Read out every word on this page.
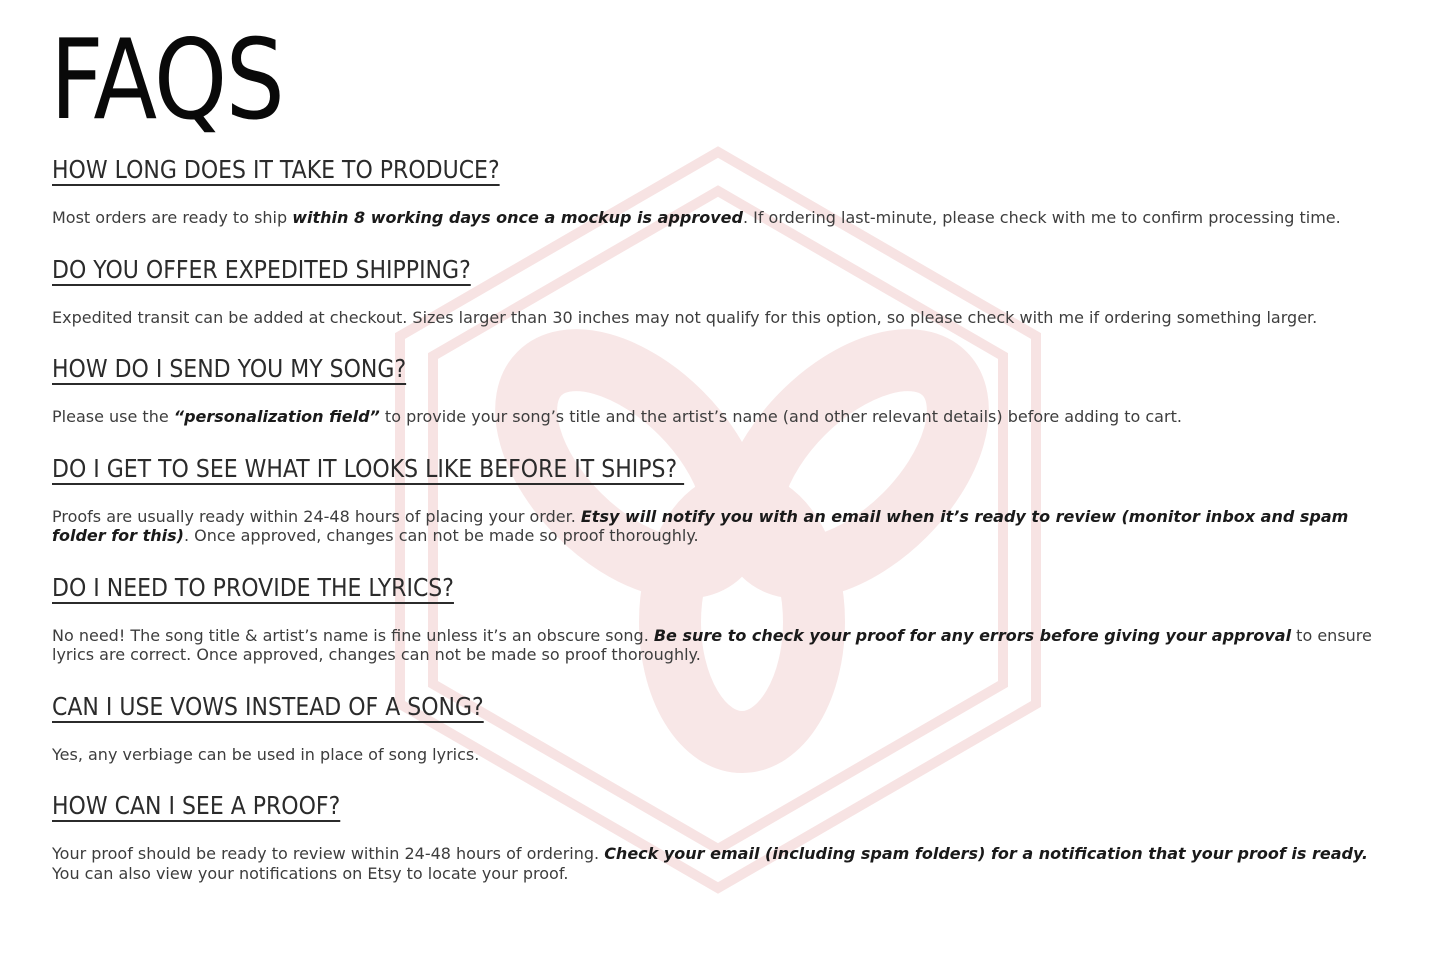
FAQS
HOW LONG DOES IT TAKE TO PRODUCE?

Most orders are ready to ship within 8 working days once a mockup is approved. If ordering last-minute, please check with me to confirm processing time.

DO YOU OFFER EXPEDITED SHIPPING?

Expedited transit can be added at checkout. Sizes larger than 30 inches may not qualify for this option, so please check with me if ordering something larger.

HOW DO I SEND YOU MY SONG?

Please use the “personalization field” to provide your song’s title and the artist’s name (and other relevant details) before adding to cart.

DO I GET TO SEE WHAT IT LOOKS LIKE BEFORE IT SHIPS?

Proofs are usually ready within 24-48 hours of placing your order. Etsy will notify you with an email when it’s ready to review (monitor inbox and spam folder for this). Once approved, changes can not be made so proof thoroughly.

DO I NEED TO PROVIDE THE LYRICS?

No need! The song title & artist’s name is fine unless it’s an obscure song. Be sure to check your proof for any errors before giving your approval to ensure lyrics are correct. Once approved, changes can not be made so proof thoroughly.

CAN I USE VOWS INSTEAD OF A SONG?

Yes, any verbiage can be used in place of song lyrics.

HOW CAN I SEE A PROOF?

Your proof should be ready to review within 24-48 hours of ordering. Check your email (including spam folders) for a notification that your proof is ready. You can also view your notifications on Etsy to locate your proof.
